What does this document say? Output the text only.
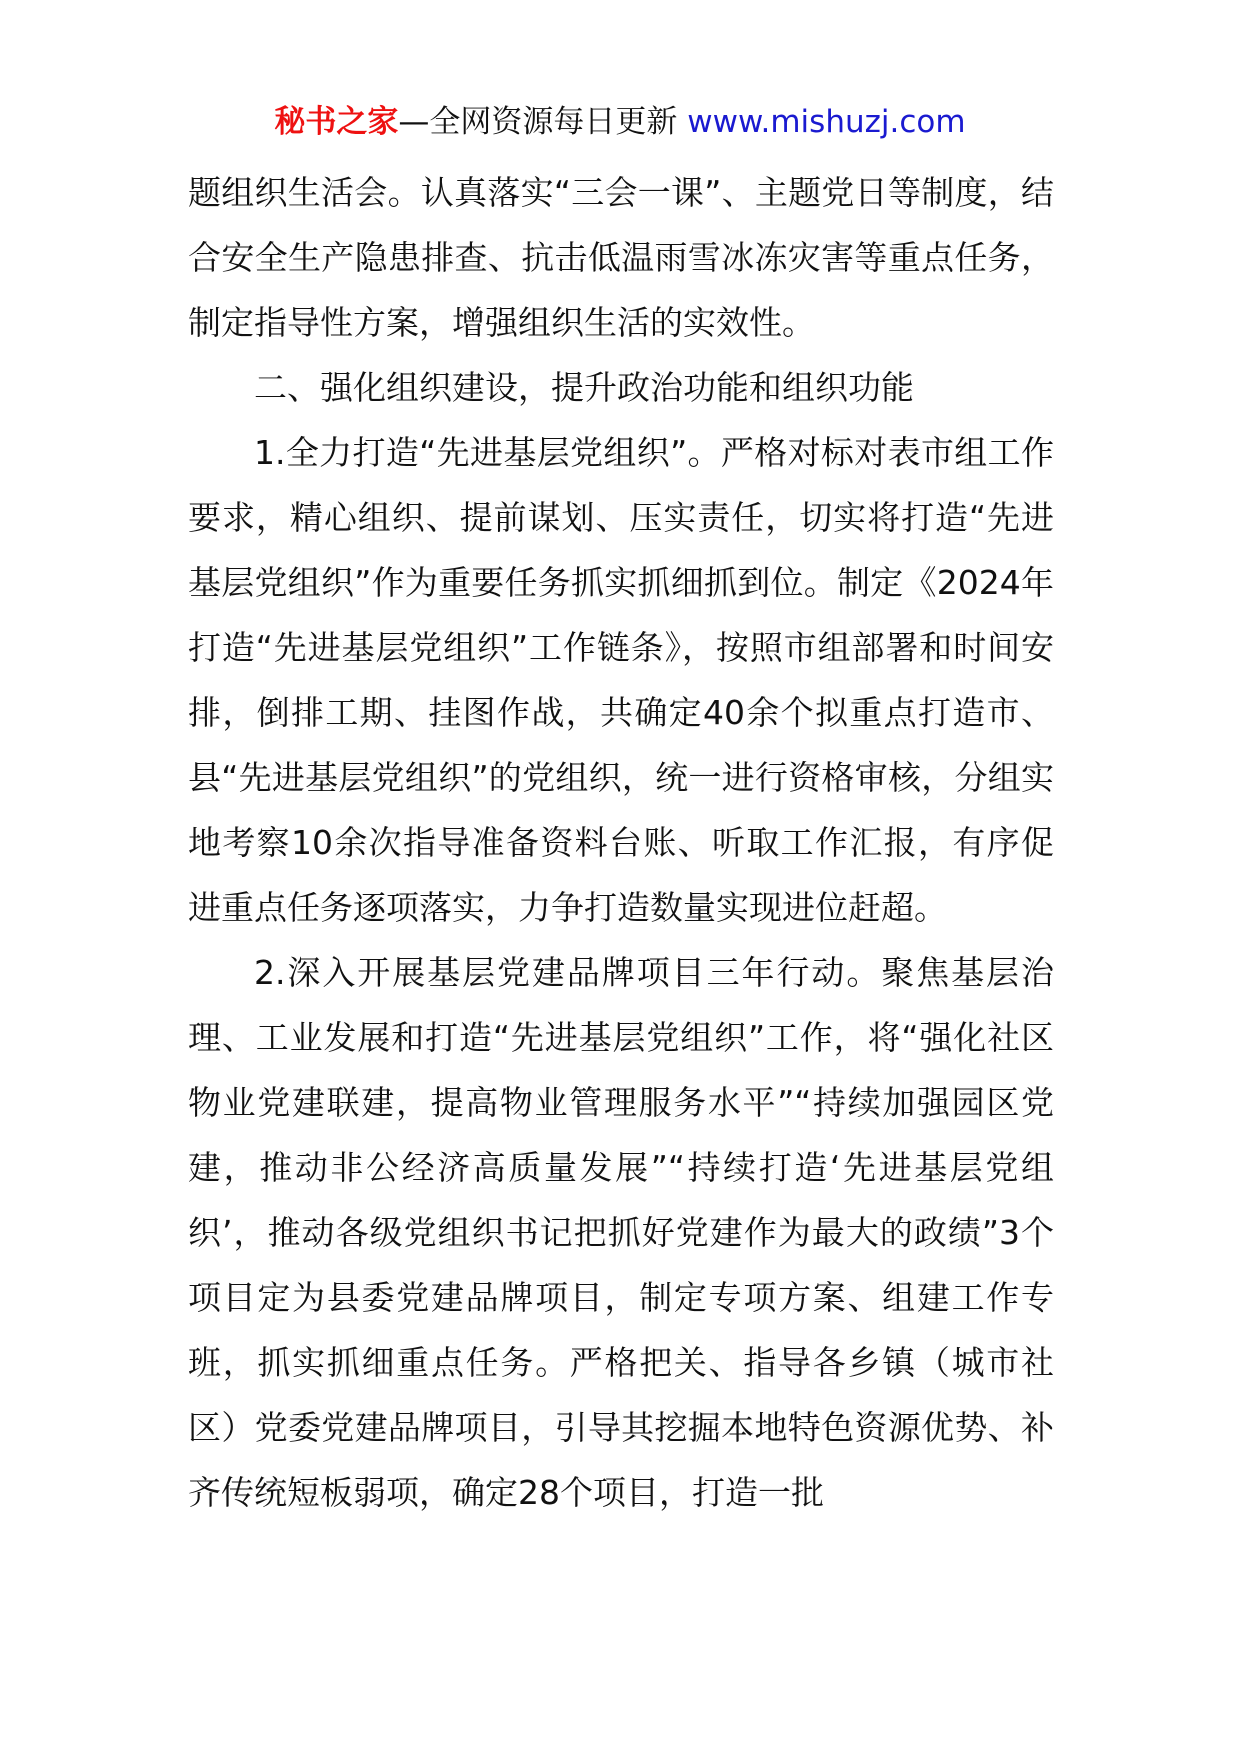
秘书之家—全网资源每日更新 www.mishuzj.com

题组织生活会。认真落实“三会一课”、主题党日等制度，结合安全生产隐患排查、抗击低温雨雪冰冻灾害等重点任务，制定指导性方案，增强组织生活的实效性。

二、强化组织建设，提升政治功能和组织功能

1.全力打造“先进基层党组织”。严格对标对表市组工作要求，精心组织、提前谋划、压实责任，切实将打造“先进基层党组织”作为重要任务抓实抓细抓到位。制定《2024年打造“先进基层党组织”工作链条》，按照市组部署和时间安排，倒排工期、挂图作战，共确定40余个拟重点打造市、县“先进基层党组织”的党组织，统一进行资格审核，分组实地考察10余次指导准备资料台账、听取工作汇报，有序促进重点任务逐项落实，力争打造数量实现进位赶超。

2.深入开展基层党建品牌项目三年行动。聚焦基层治理、工业发展和打造“先进基层党组织”工作，将“强化社区物业党建联建，提高物业管理服务水平”“持续加强园区党建，推动非公经济高质量发展”“持续打造‘先进基层党组织’，推动各级党组织书记把抓好党建作为最大的政绩”3个项目定为县委党建品牌项目，制定专项方案、组建工作专班，抓实抓细重点任务。严格把关、指导各乡镇（城市社区）党委党建品牌项目，引导其挖掘本地特色资源优势、补齐传统短板弱项，确定28个项目，打造一批
